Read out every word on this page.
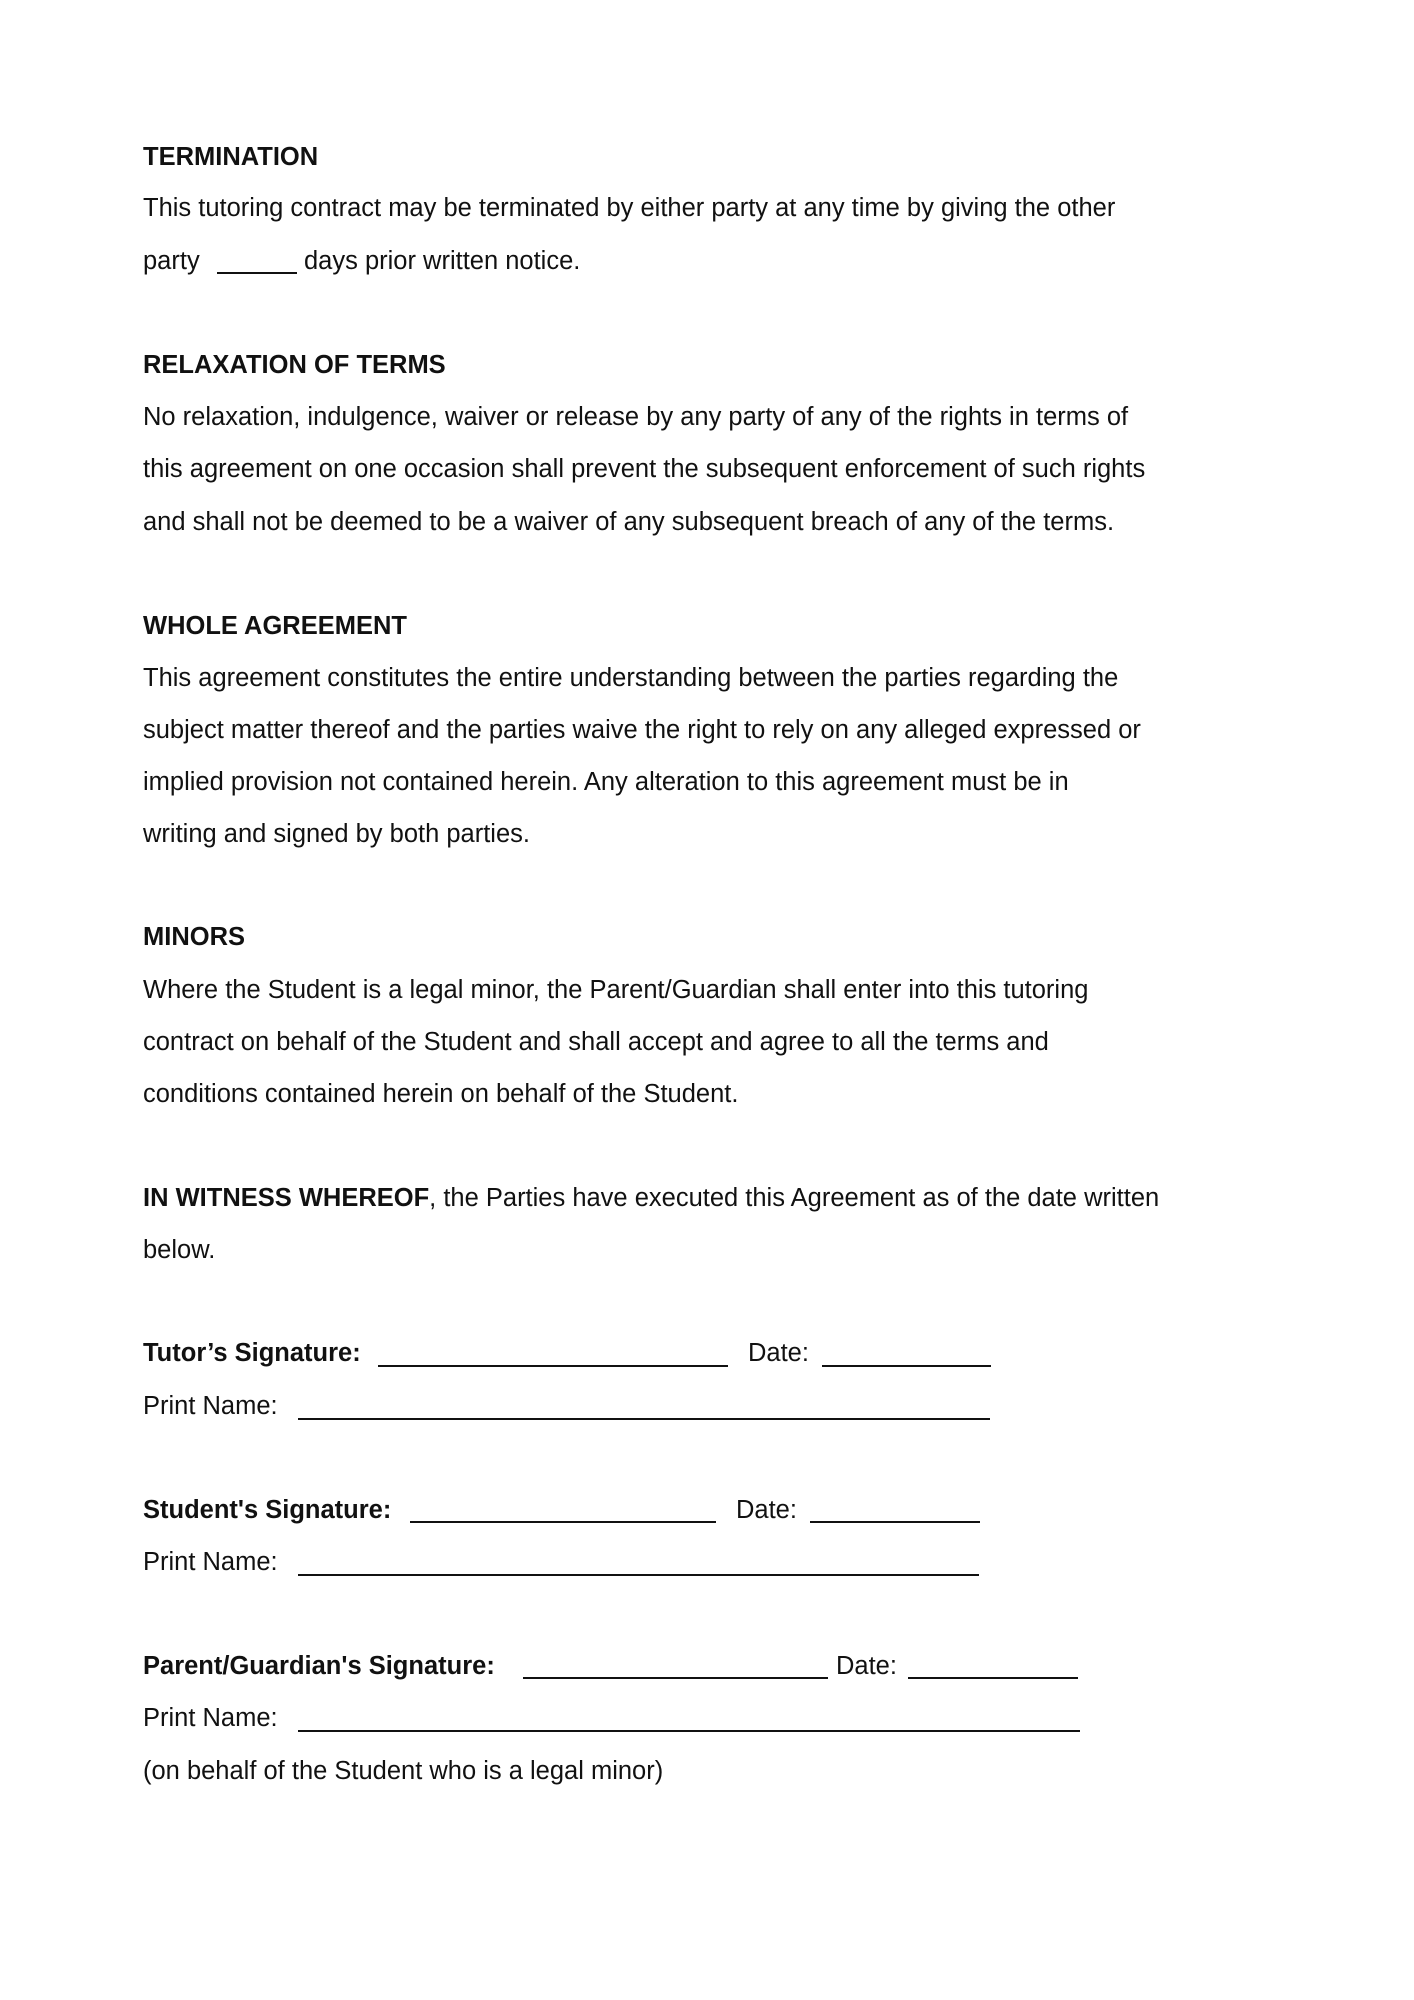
TERMINATION
This tutoring contract may be terminated by either party at any time by giving the other
party	days prior written notice.
RELAXATION OF TERMS
No relaxation, indulgence, waiver or release by any party of any of the rights in terms of
this agreement on one occasion shall prevent the subsequent enforcement of such rights
and shall not be deemed to be a waiver of any subsequent breach of any of the terms.
WHOLE AGREEMENT
This agreement constitutes the entire understanding between the parties regarding the
subject matter thereof and the parties waive the right to rely on any alleged expressed or
implied provision not contained herein. Any alteration to this agreement must be in
writing and signed by both parties.
MINORS
Where the Student is a legal minor, the Parent/Guardian shall enter into this tutoring
contract on behalf of the Student and shall accept and agree to all the terms and
conditions contained herein on behalf of the Student.
IN WITNESS WHEREOF, the Parties have executed this Agreement as of the date written
below.
Tutor’s Signature:	Date:
Print Name:
Student's Signature:	Date:
Print Name:
Parent/Guardian's Signature:	Date:
Print Name:
(on behalf of the Student who is a legal minor)
